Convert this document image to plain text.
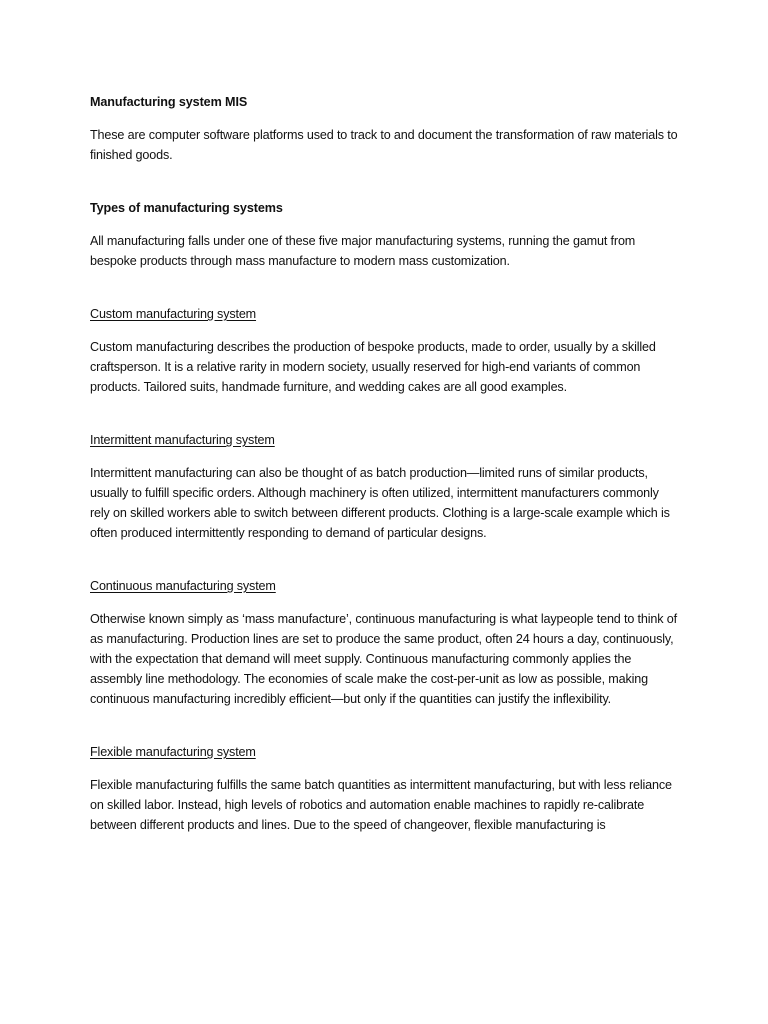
Manufacturing system MIS

These are computer software platforms used to track to and document the transformation of raw materials to finished goods.

Types of manufacturing systems

All manufacturing falls under one of these five major manufacturing systems, running the gamut from bespoke products through mass manufacture to modern mass customization.

Custom manufacturing system

Custom manufacturing describes the production of bespoke products, made to order, usually by a skilled craftsperson. It is a relative rarity in modern society, usually reserved for high-end variants of common products. Tailored suits, handmade furniture, and wedding cakes are all good examples.

Intermittent manufacturing system

Intermittent manufacturing can also be thought of as batch production—limited runs of similar products, usually to fulfill specific orders. Although machinery is often utilized, intermittent manufacturers commonly rely on skilled workers able to switch between different products. Clothing is a large-scale example which is often produced intermittently responding to demand of particular designs.

Continuous manufacturing system

Otherwise known simply as ‘mass manufacture’, continuous manufacturing is what laypeople tend to think of as manufacturing. Production lines are set to produce the same product, often 24 hours a day, continuously, with the expectation that demand will meet supply. Continuous manufacturing commonly applies the assembly line methodology. The economies of scale make the cost-per-unit as low as possible, making continuous manufacturing incredibly efficient—but only if the quantities can justify the inflexibility.

Flexible manufacturing system

Flexible manufacturing fulfills the same batch quantities as intermittent manufacturing, but with less reliance on skilled labor. Instead, high levels of robotics and automation enable machines to rapidly re-calibrate between different products and lines. Due to the speed of changeover, flexible manufacturing is
